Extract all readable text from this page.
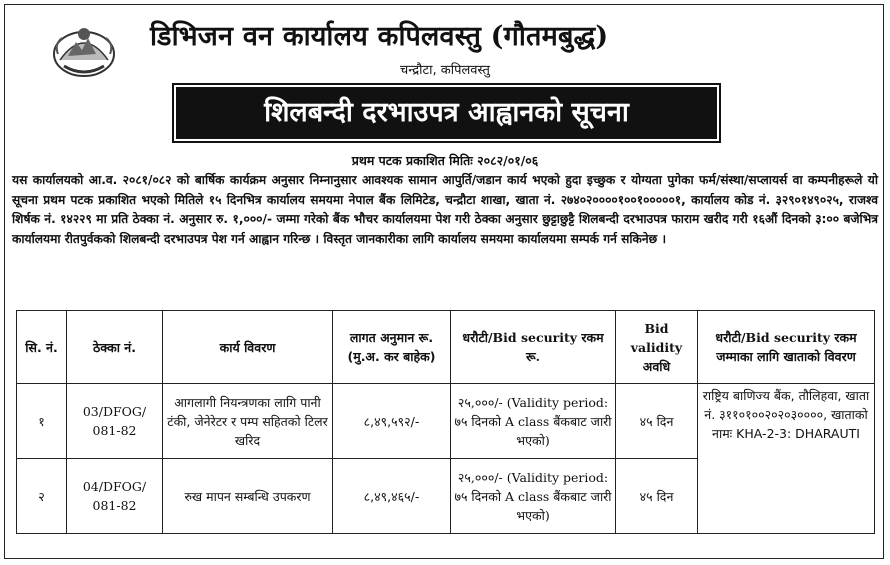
डिभिजन वन कार्यालय कपिलवस्तु (गौतमबुद्ध)
चन्द्रौटा, कपिलवस्तु
शिलबन्दी दरभाउपत्र आह्वानको सूचना
प्रथम पटक प्रकाशित मितिः २०८२/०१/०६
यस कार्यालयको आ.व. २०८१/०८२ को बार्षिक कार्यक्रम अनुसार निम्नानुसार आवश्यक सामान आपुर्ति/जडान कार्य भएको हुदा इच्छुक र योग्यता पुगेका फर्म/संस्था/सप्लायर्स वा कम्पनीहरूले यो सूचना प्रथम पटक प्रकाशित भएको मितिले १५ दिनभित्र कार्यालय समयमा नेपाल बैंक लिमिटेड, चन्द्रौटा शाखा, खाता नं. २७४०२००००१००१०००००१, कार्यालय कोड नं. ३२९०१४९०२५, राजश्व शिर्षक नं. १४२२९ मा प्रति ठेक्का नं. अनुसार रु. १,०००/- जम्मा गरेको बैंक भौचर कार्यालयमा पेश गरी ठेक्का अनुसार छुट्टाछुट्टै शिलबन्दी दरभाउपत्र फाराम खरीद गरी १६औं दिनको ३:०० बजेभित्र कार्यालयमा रीतपुर्वककाे शिलबन्दी दरभाउपत्र पेश गर्न आह्वान गरिन्छ । विस्तृत जानकारीका लागि कार्यालय समयमा कार्यालयमा सम्पर्क गर्न सकिनेछ ।
सि. नं.	ठेक्का नं.	कार्य विवरण	लागत अनुमान रू. (मु.अ. कर बाहेक)	धरौटी/Bid security रकम रू.	Bid validity अवधि	धरौटी/Bid security रकम जम्माका लागि खाताको विवरण
१	03/DFOG/ 081-82	आगलागी नियन्त्रणका लागि पानी टंकी, जेनेरेटर र पम्प सहितको टिलर खरिद	८,४९,५९२/-	२५,०००/- (Validity period: ७५ दिनको A class बैंकबाट जारी भएको)	४५ दिन	राष्ट्रिय बाणिज्य बैंक, तौलिहवा, खाता नं. ३११०१००२०२०३००००, खाताको नामः KHA-2-3: DHARAUTI
२	04/DFOG/ 081-82	रुख मापन सम्बन्धि उपकरण	८,४९,४६५/-	२५,०००/- (Validity period: ७५ दिनको A class बैंकबाट जारी भएको)	४५ दिन	
